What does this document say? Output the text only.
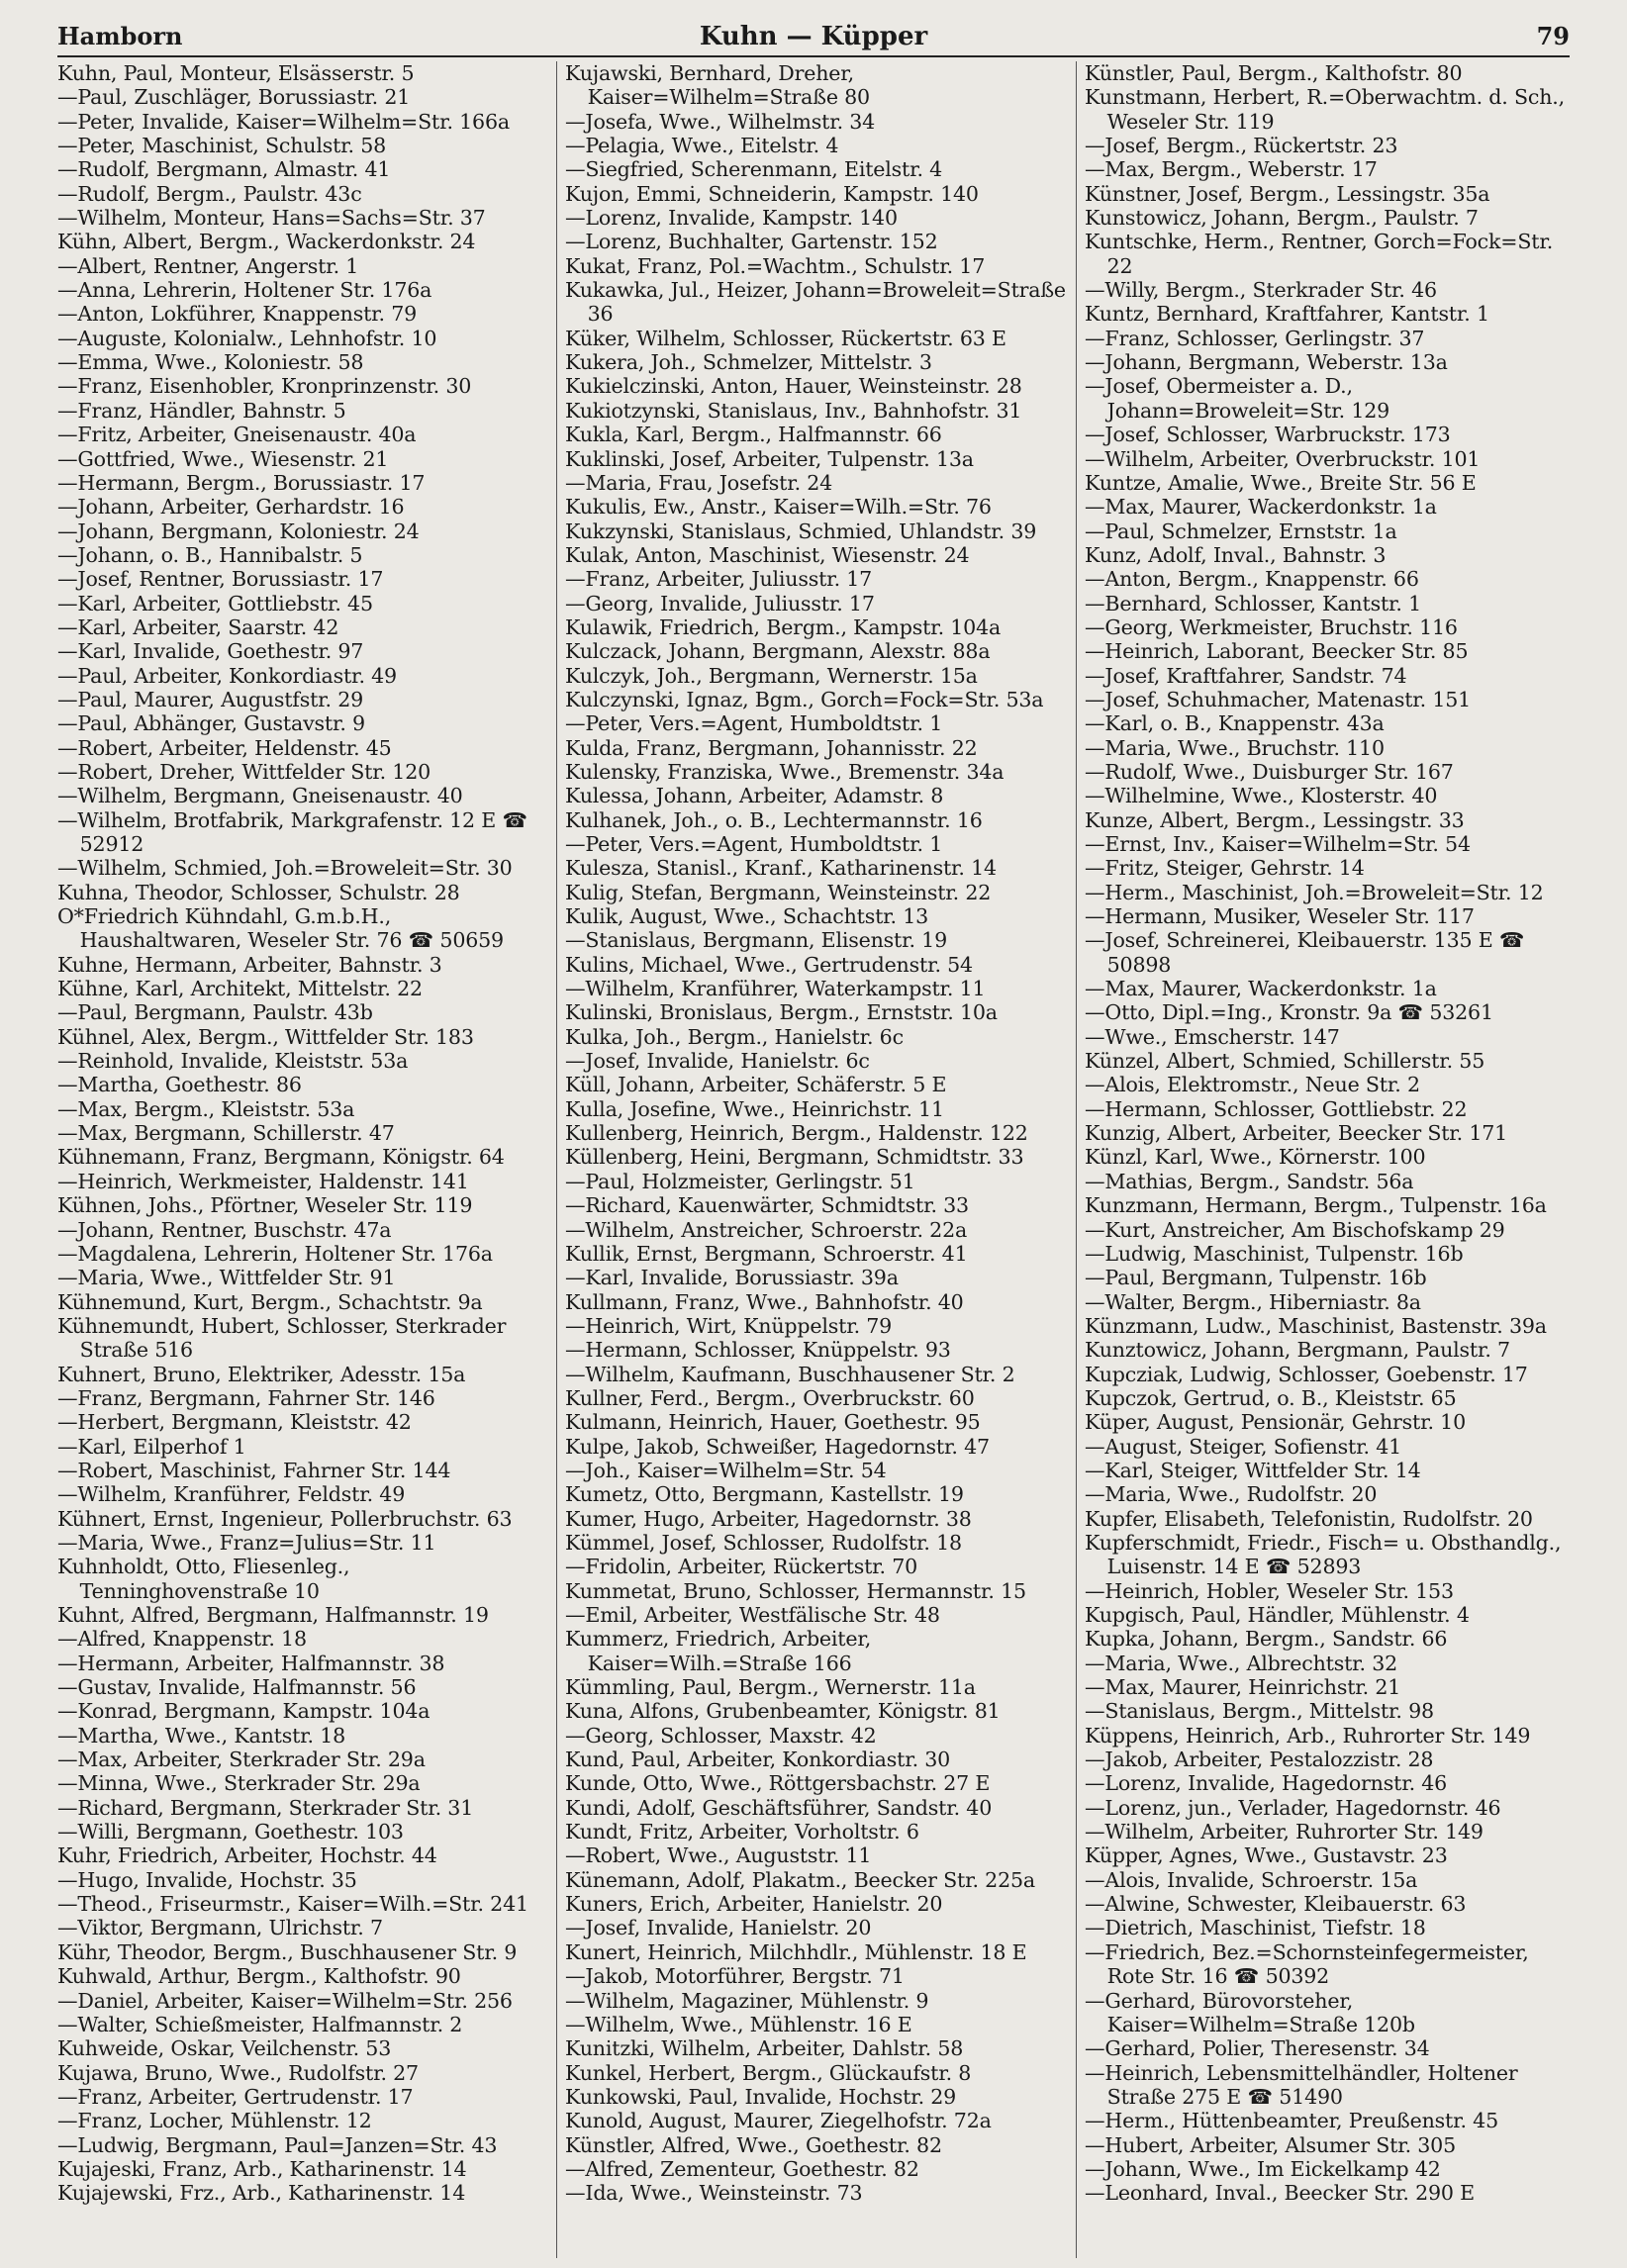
Hamborn	Kuhn — Küpper	79
Kuhn, Paul, Monteur, Elsässerstr. 5
—Paul, Zuschläger, Borussiastr. 21
—Peter, Invalide, Kaiser=Wilhelm=Str. 166a
—Peter, Maschinist, Schulstr. 58
—Rudolf, Bergmann, Almastr. 41
—Rudolf, Bergm., Paulstr. 43c
—Wilhelm, Monteur, Hans=Sachs=Str. 37
Kühn, Albert, Bergm., Wackerdonkstr. 24
—Albert, Rentner, Angerstr. 1
—Anna, Lehrerin, Holtener Str. 176a
—Anton, Lokführer, Knappenstr. 79
—Auguste, Kolonialw., Lehnhofstr. 10
—Emma, Wwe., Koloniestr. 58
—Franz, Eisenhobler, Kronprinzenstr. 30
—Franz, Händler, Bahnstr. 5
—Fritz, Arbeiter, Gneisenaustr. 40a
—Gottfried, Wwe., Wiesenstr. 21
—Hermann, Bergm., Borussiastr. 17
—Johann, Arbeiter, Gerhardstr. 16
—Johann, Bergmann, Koloniestr. 24
—Johann, o. B., Hannibalstr. 5
—Josef, Rentner, Borussiastr. 17
—Karl, Arbeiter, Gottliebstr. 45
—Karl, Arbeiter, Saarstr. 42
—Karl, Invalide, Goethestr. 97
—Paul, Arbeiter, Konkordiastr. 49
—Paul, Maurer, Augustfstr. 29
—Paul, Abhänger, Gustavstr. 9
—Robert, Arbeiter, Heldenstr. 45
—Robert, Dreher, Wittfelder Str. 120
—Wilhelm, Bergmann, Gneisenaustr. 40
—Wilhelm, Brotfabrik, Markgrafenstr. 12 E ☎ 52912
—Wilhelm, Schmied, Joh.=Broweleit=Str. 30
Kuhna, Theodor, Schlosser, Schulstr. 28
O*Friedrich Kühndahl, G.m.b.H., Haushaltwaren, Weseler Str. 76 ☎ 50659
Kuhne, Hermann, Arbeiter, Bahnstr. 3
Kühne, Karl, Architekt, Mittelstr. 22
—Paul, Bergmann, Paulstr. 43b
Kühnel, Alex, Bergm., Wittfelder Str. 183
—Reinhold, Invalide, Kleiststr. 53a
—Martha, Goethestr. 86
—Max, Bergm., Kleiststr. 53a
—Max, Bergmann, Schillerstr. 47
Kühnemann, Franz, Bergmann, Königstr. 64
—Heinrich, Werkmeister, Haldenstr. 141
Kühnen, Johs., Pförtner, Weseler Str. 119
—Johann, Rentner, Buschstr. 47a
—Magdalena, Lehrerin, Holtener Str. 176a
—Maria, Wwe., Wittfelder Str. 91
Kühnemund, Kurt, Bergm., Schachtstr. 9a
Kühnemundt, Hubert, Schlosser, Sterkrader Straße 516
Kuhnert, Bruno, Elektriker, Adesstr. 15a
—Franz, Bergmann, Fahrner Str. 146
—Herbert, Bergmann, Kleiststr. 42
—Karl, Eilperhof 1
—Robert, Maschinist, Fahrner Str. 144
—Wilhelm, Kranführer, Feldstr. 49
Kühnert, Ernst, Ingenieur, Pollerbruchstr. 63
—Maria, Wwe., Franz=Julius=Str. 11
Kuhnholdt, Otto, Fliesenleg., Tenninghovenstraße 10
Kuhnt, Alfred, Bergmann, Halfmannstr. 19
—Alfred, Knappenstr. 18
—Hermann, Arbeiter, Halfmannstr. 38
—Gustav, Invalide, Halfmannstr. 56
—Konrad, Bergmann, Kampstr. 104a
—Martha, Wwe., Kantstr. 18
—Max, Arbeiter, Sterkrader Str. 29a
—Minna, Wwe., Sterkrader Str. 29a
—Richard, Bergmann, Sterkrader Str. 31
—Willi, Bergmann, Goethestr. 103
Kuhr, Friedrich, Arbeiter, Hochstr. 44
—Hugo, Invalide, Hochstr. 35
—Theod., Friseurmstr., Kaiser=Wilh.=Str. 241
—Viktor, Bergmann, Ulrichstr. 7
Kühr, Theodor, Bergm., Buschhausener Str. 9
Kuhwald, Arthur, Bergm., Kalthofstr. 90
—Daniel, Arbeiter, Kaiser=Wilhelm=Str. 256
—Walter, Schießmeister, Halfmannstr. 2
Kuhweide, Oskar, Veilchenstr. 53
Kujawa, Bruno, Wwe., Rudolfstr. 27
—Franz, Arbeiter, Gertrudenstr. 17
—Franz, Locher, Mühlenstr. 12
—Ludwig, Bergmann, Paul=Janzen=Str. 43
Kujajeski, Franz, Arb., Katharinenstr. 14
Kujajewski, Frz., Arb., Katharinenstr. 14
Kujawski, Bernhard, Dreher, Kaiser=Wilhelm=Straße 80
—Josefa, Wwe., Wilhelmstr. 34
—Pelagia, Wwe., Eitelstr. 4
—Siegfried, Scherenmann, Eitelstr. 4
Kujon, Emmi, Schneiderin, Kampstr. 140
—Lorenz, Invalide, Kampstr. 140
—Lorenz, Buchhalter, Gartenstr. 152
Kukat, Franz, Pol.=Wachtm., Schulstr. 17
Kukawka, Jul., Heizer, Johann=Broweleit=Straße 36
Küker, Wilhelm, Schlosser, Rückertstr. 63 E
Kukera, Joh., Schmelzer, Mittelstr. 3
Kukielczinski, Anton, Hauer, Weinsteinstr. 28
Kukiotzynski, Stanislaus, Inv., Bahnhofstr. 31
Kukla, Karl, Bergm., Halfmannstr. 66
Kuklinski, Josef, Arbeiter, Tulpenstr. 13a
—Maria, Frau, Josefstr. 24
Kukulis, Ew., Anstr., Kaiser=Wilh.=Str. 76
Kukzynski, Stanislaus, Schmied, Uhlandstr. 39
Kulak, Anton, Maschinist, Wiesenstr. 24
—Franz, Arbeiter, Juliusstr. 17
—Georg, Invalide, Juliusstr. 17
Kulawik, Friedrich, Bergm., Kampstr. 104a
Kulczack, Johann, Bergmann, Alexstr. 88a
Kulczyk, Joh., Bergmann, Wernerstr. 15a
Kulczynski, Ignaz, Bgm., Gorch=Fock=Str. 53a
—Peter, Vers.=Agent, Humboldtstr. 1
Kulda, Franz, Bergmann, Johannisstr. 22
Kulensky, Franziska, Wwe., Bremenstr. 34a
Kulessa, Johann, Arbeiter, Adamstr. 8
Kulhanek, Joh., o. B., Lechtermannstr. 16
—Peter, Vers.=Agent, Humboldtstr. 1
Kulesza, Stanisl., Kranf., Katharinenstr. 14
Kulig, Stefan, Bergmann, Weinsteinstr. 22
Kulik, August, Wwe., Schachtstr. 13
—Stanislaus, Bergmann, Elisenstr. 19
Kulins, Michael, Wwe., Gertrudenstr. 54
—Wilhelm, Kranführer, Waterkampstr. 11
Kulinski, Bronislaus, Bergm., Ernststr. 10a
Kulka, Joh., Bergm., Hanielstr. 6c
—Josef, Invalide, Hanielstr. 6c
Küll, Johann, Arbeiter, Schäferstr. 5 E
Kulla, Josefine, Wwe., Heinrichstr. 11
Kullenberg, Heinrich, Bergm., Haldenstr. 122
Küllenberg, Heini, Bergmann, Schmidtstr. 33
—Paul, Holzmeister, Gerlingstr. 51
—Richard, Kauenwärter, Schmidtstr. 33
—Wilhelm, Anstreicher, Schroerstr. 22a
Kullik, Ernst, Bergmann, Schroerstr. 41
—Karl, Invalide, Borussiastr. 39a
Kullmann, Franz, Wwe., Bahnhofstr. 40
—Heinrich, Wirt, Knüppelstr. 79
—Hermann, Schlosser, Knüppelstr. 93
—Wilhelm, Kaufmann, Buschhausener Str. 2
Kullner, Ferd., Bergm., Overbruckstr. 60
Kulmann, Heinrich, Hauer, Goethestr. 95
Kulpe, Jakob, Schweißer, Hagedornstr. 47
—Joh., Kaiser=Wilhelm=Str. 54
Kumetz, Otto, Bergmann, Kastellstr. 19
Kumer, Hugo, Arbeiter, Hagedornstr. 38
Kümmel, Josef, Schlosser, Rudolfstr. 18
—Fridolin, Arbeiter, Rückertstr. 70
Kummetat, Bruno, Schlosser, Hermannstr. 15
—Emil, Arbeiter, Westfälische Str. 48
Kummerz, Friedrich, Arbeiter, Kaiser=Wilh.=Straße 166
Kümmling, Paul, Bergm., Wernerstr. 11a
Kuna, Alfons, Grubenbeamter, Königstr. 81
—Georg, Schlosser, Maxstr. 42
Kund, Paul, Arbeiter, Konkordiastr. 30
Kunde, Otto, Wwe., Röttgersbachstr. 27 E
Kundi, Adolf, Geschäftsführer, Sandstr. 40
Kundt, Fritz, Arbeiter, Vorholtstr. 6
—Robert, Wwe., Auguststr. 11
Künemann, Adolf, Plakatm., Beecker Str. 225a
Kuners, Erich, Arbeiter, Hanielstr. 20
—Josef, Invalide, Hanielstr. 20
Kunert, Heinrich, Milchhdlr., Mühlenstr. 18 E
—Jakob, Motorführer, Bergstr. 71
—Wilhelm, Magaziner, Mühlenstr. 9
—Wilhelm, Wwe., Mühlenstr. 16 E
Kunitzki, Wilhelm, Arbeiter, Dahlstr. 58
Kunkel, Herbert, Bergm., Glückaufstr. 8
Kunkowski, Paul, Invalide, Hochstr. 29
Kunold, August, Maurer, Ziegelhofstr. 72a
Künstler, Alfred, Wwe., Goethestr. 82
—Alfred, Zementeur, Goethestr. 82
—Ida, Wwe., Weinsteinstr. 73
Künstler, Paul, Bergm., Kalthofstr. 80
Kunstmann, Herbert, R.=Oberwachtm. d. Sch., Weseler Str. 119
—Josef, Bergm., Rückertstr. 23
—Max, Bergm., Weberstr. 17
Künstner, Josef, Bergm., Lessingstr. 35a
Kunstowicz, Johann, Bergm., Paulstr. 7
Kuntschke, Herm., Rentner, Gorch=Fock=Str. 22
—Willy, Bergm., Sterkrader Str. 46
Kuntz, Bernhard, Kraftfahrer, Kantstr. 1
—Franz, Schlosser, Gerlingstr. 37
—Johann, Bergmann, Weberstr. 13a
—Josef, Obermeister a. D., Johann=Broweleit=Str. 129
—Josef, Schlosser, Warbruckstr. 173
—Wilhelm, Arbeiter, Overbruckstr. 101
Kuntze, Amalie, Wwe., Breite Str. 56 E
—Max, Maurer, Wackerdonkstr. 1a
—Paul, Schmelzer, Ernststr. 1a
Kunz, Adolf, Inval., Bahnstr. 3
—Anton, Bergm., Knappenstr. 66
—Bernhard, Schlosser, Kantstr. 1
—Georg, Werkmeister, Bruchstr. 116
—Heinrich, Laborant, Beecker Str. 85
—Josef, Kraftfahrer, Sandstr. 74
—Josef, Schuhmacher, Matenastr. 151
—Karl, o. B., Knappenstr. 43a
—Maria, Wwe., Bruchstr. 110
—Rudolf, Wwe., Duisburger Str. 167
—Wilhelmine, Wwe., Klosterstr. 40
Kunze, Albert, Bergm., Lessingstr. 33
—Ernst, Inv., Kaiser=Wilhelm=Str. 54
—Fritz, Steiger, Gehrstr. 14
—Herm., Maschinist, Joh.=Broweleit=Str. 12
—Hermann, Musiker, Weseler Str. 117
—Josef, Schreinerei, Kleibauerstr. 135 E ☎ 50898
—Max, Maurer, Wackerdonkstr. 1a
—Otto, Dipl.=Ing., Kronstr. 9a ☎ 53261
—Wwe., Emscherstr. 147
Künzel, Albert, Schmied, Schillerstr. 55
—Alois, Elektromstr., Neue Str. 2
—Hermann, Schlosser, Gottliebstr. 22
Kunzig, Albert, Arbeiter, Beecker Str. 171
Künzl, Karl, Wwe., Körnerstr. 100
—Mathias, Bergm., Sandstr. 56a
Kunzmann, Hermann, Bergm., Tulpenstr. 16a
—Kurt, Anstreicher, Am Bischofskamp 29
—Ludwig, Maschinist, Tulpenstr. 16b
—Paul, Bergmann, Tulpenstr. 16b
—Walter, Bergm., Hiberniastr. 8a
Künzmann, Ludw., Maschinist, Bastenstr. 39a
Kunztowicz, Johann, Bergmann, Paulstr. 7
Kupcziak, Ludwig, Schlosser, Goebenstr. 17
Kupczok, Gertrud, o. B., Kleiststr. 65
Küper, August, Pensionär, Gehrstr. 10
—August, Steiger, Sofienstr. 41
—Karl, Steiger, Wittfelder Str. 14
—Maria, Wwe., Rudolfstr. 20
Kupfer, Elisabeth, Telefonistin, Rudolfstr. 20
Kupferschmidt, Friedr., Fisch= u. Obsthandlg., Luisenstr. 14 E ☎ 52893
—Heinrich, Hobler, Weseler Str. 153
Kupgisch, Paul, Händler, Mühlenstr. 4
Kupka, Johann, Bergm., Sandstr. 66
—Maria, Wwe., Albrechtstr. 32
—Max, Maurer, Heinrichstr. 21
—Stanislaus, Bergm., Mittelstr. 98
Küppens, Heinrich, Arb., Ruhrorter Str. 149
—Jakob, Arbeiter, Pestalozzistr. 28
—Lorenz, Invalide, Hagedornstr. 46
—Lorenz, jun., Verlader, Hagedornstr. 46
—Wilhelm, Arbeiter, Ruhrorter Str. 149
Küpper, Agnes, Wwe., Gustavstr. 23
—Alois, Invalide, Schroerstr. 15a
—Alwine, Schwester, Kleibauerstr. 63
—Dietrich, Maschinist, Tiefstr. 18
—Friedrich, Bez.=Schornsteinfegermeister, Rote Str. 16 ☎ 50392
—Gerhard, Bürovorsteher, Kaiser=Wilhelm=Straße 120b
—Gerhard, Polier, Theresenstr. 34
—Heinrich, Lebensmittelhändler, Holtener Straße 275 E ☎ 51490
—Herm., Hüttenbeamter, Preußenstr. 45
—Hubert, Arbeiter, Alsumer Str. 305
—Johann, Wwe., Im Eickelkamp 42
—Leonhard, Inval., Beecker Str. 290 E
